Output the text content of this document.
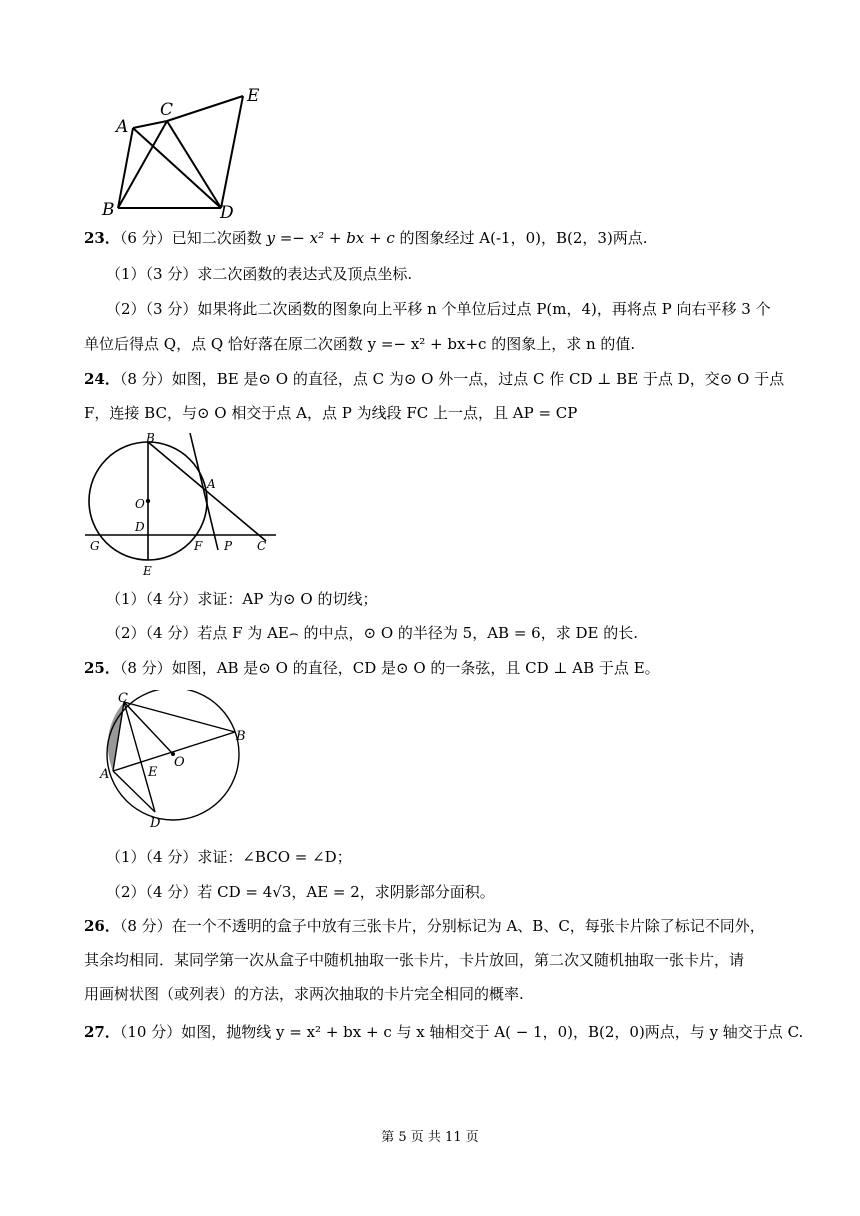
A
C
E
B	D
23．（6 分）已知二次函数 y =− x² + bx + c 的图象经过 A(-1，0)，B(2，3)两点.
（1）（3 分）求二次函数的表达式及顶点坐标.
（2）（3 分）如果将此二次函数的图象向上平移 n 个单位后过点 P(m，4)，再将点 P 向右平移 3 个
单位后得点 Q，点 Q 恰好落在原二次函数 y =− x² + bx+c 的图象上，求 n 的值.
24．（8 分）如图，BE 是⊙ O 的直径，点 C 为⊙ O 外一点，过点 C 作 CD ⊥ BE 于点 D，交⊙ O 于点
F，连接 BC，与⊙ O 相交于点 A，点 P 为线段 FC 上一点，且 AP = CP
B
O
A
D
G	F P C
E
（1）（4 分）求证：AP 为⊙ O 的切线；
（2）（4 分）若点 F 为 AE⌢ 的中点，⊙ O 的半径为 5，AB = 6，求 DE 的长.
25．（8 分）如图，AB 是⊙ O 的直径，CD 是⊙ O 的一条弦，且 CD ⊥ AB 于点 E。
C
B
O
A	E
D
（1）（4 分）求证：∠BCO = ∠D；
（2）（4 分）若 CD = 4√3，AE = 2，求阴影部分面积。
26．（8 分）在一个不透明的盒子中放有三张卡片，分别标记为 A、B、C，每张卡片除了标记不同外，
其余均相同．某同学第一次从盒子中随机抽取一张卡片，卡片放回，第二次又随机抽取一张卡片，请
用画树状图（或列表）的方法，求两次抽取的卡片完全相同的概率.
27．（10 分）如图，抛物线 y = x² + bx + c 与 x 轴相交于 A( − 1，0)，B(2，0)两点，与 y 轴交于点 C.
第 5 页 共 11 页
